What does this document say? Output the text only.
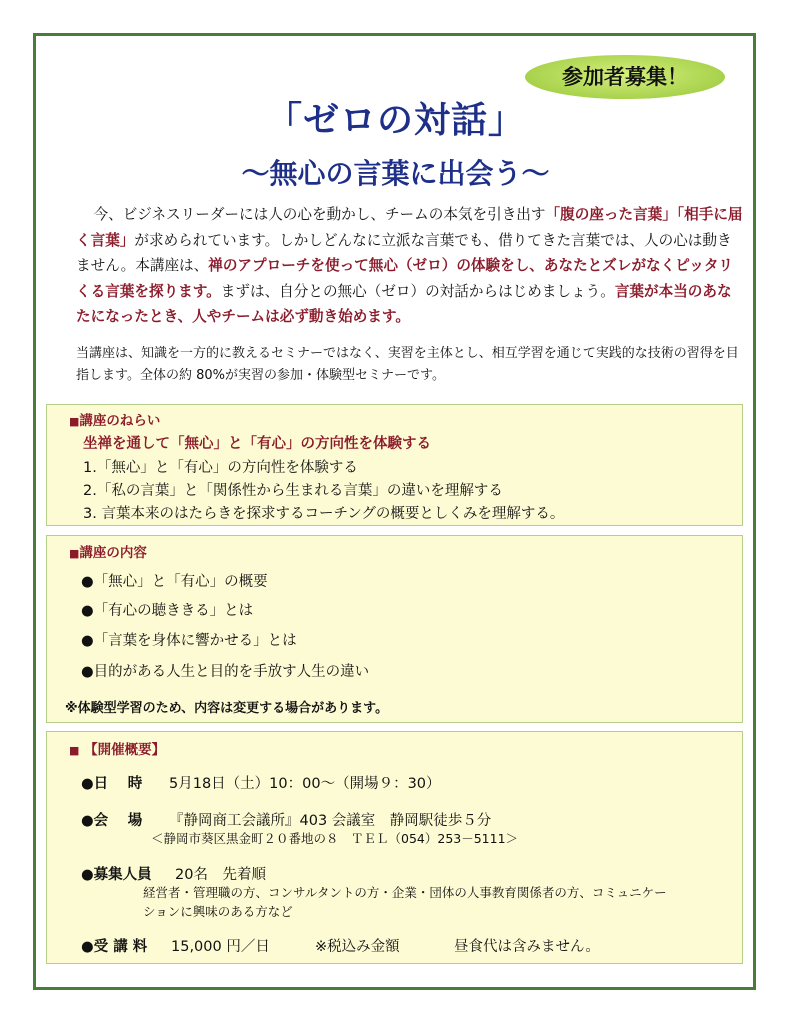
参加者募集！
「ゼロの対話」
～無心の言葉に出会う～
今、ビジネスリーダーには人の心を動かし、チームの本気を引き出す「腹の座った言葉」「相手に届く言葉」が求められています。しかしどんなに立派な言葉でも、借りてきた言葉では、人の心は動きません。本講座は、禅のアプローチを使って無心（ゼロ）の体験をし、あなたとズレがなくピッタリくる言葉を探ります。まずは、自分との無心（ゼロ）の対話からはじめましょう。言葉が本当のあなたになったとき、人やチームは必ず動き始めます。
当講座は、知識を一方的に教えるセミナーではなく、実習を主体とし、相互学習を通じて実践的な技術の習得を目指します。全体の約 80%が実習の参加・体験型セミナーです。
■講座のねらい
坐禅を通して「無心」と「有心」の方向性を体験する
1.「無心」と「有心」の方向性を体験する
2.「私の言葉」と「関係性から生まれる言葉」の違いを理解する
3. 言葉本来のはたらきを探求するコーチングの概要としくみを理解する。
■講座の内容
●「無心」と「有心」の概要
●「有心の聴ききる」とは
●「言葉を身体に響かせる」とは
●目的がある人生と目的を手放す人生の違い
※体験型学習のため、内容は変更する場合があります。
■ 【開催概要】
●日　 時 5月18日（土）10：00～（開場９：30）
●会　 場 『静岡商工会議所』403 会議室　静岡駅徒歩５分
＜静岡市葵区黒金町２０番地の８　ＴＥＬ（054）253－5111＞
●募集人員 20名　先着順
経営者・管理職の方、コンサルタントの方・企業・団体の人事教育関係者の方、コミュニケー
ションに興味のある方など
●受 講 料 15,000 円／日	※税込み金額	昼食代は含みません。
